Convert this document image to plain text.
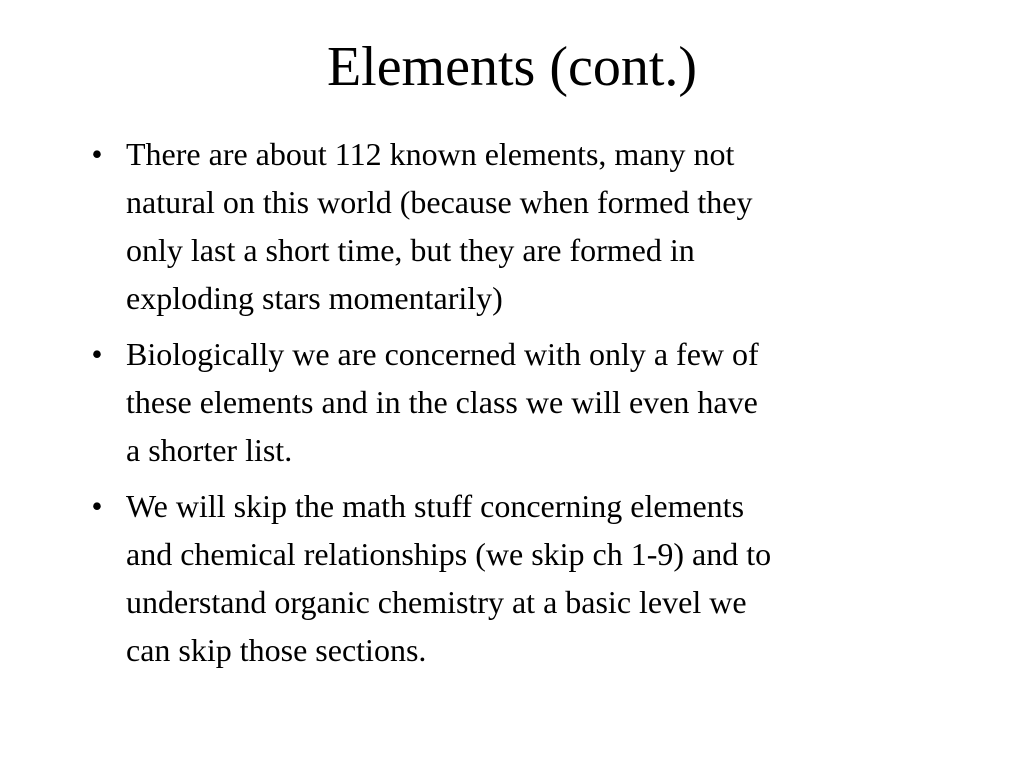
Elements (cont.)
• There are about 112 known elements, many not
natural on this world (because when formed they
only last a short time, but they are formed in
exploding stars momentarily)
• Biologically we are concerned with only a few of
these elements and in the class we will even have
a shorter list.
• We will skip the math stuff concerning elements
and chemical relationships (we skip ch 1-9) and to
understand organic chemistry at a basic level we
can skip those sections.
